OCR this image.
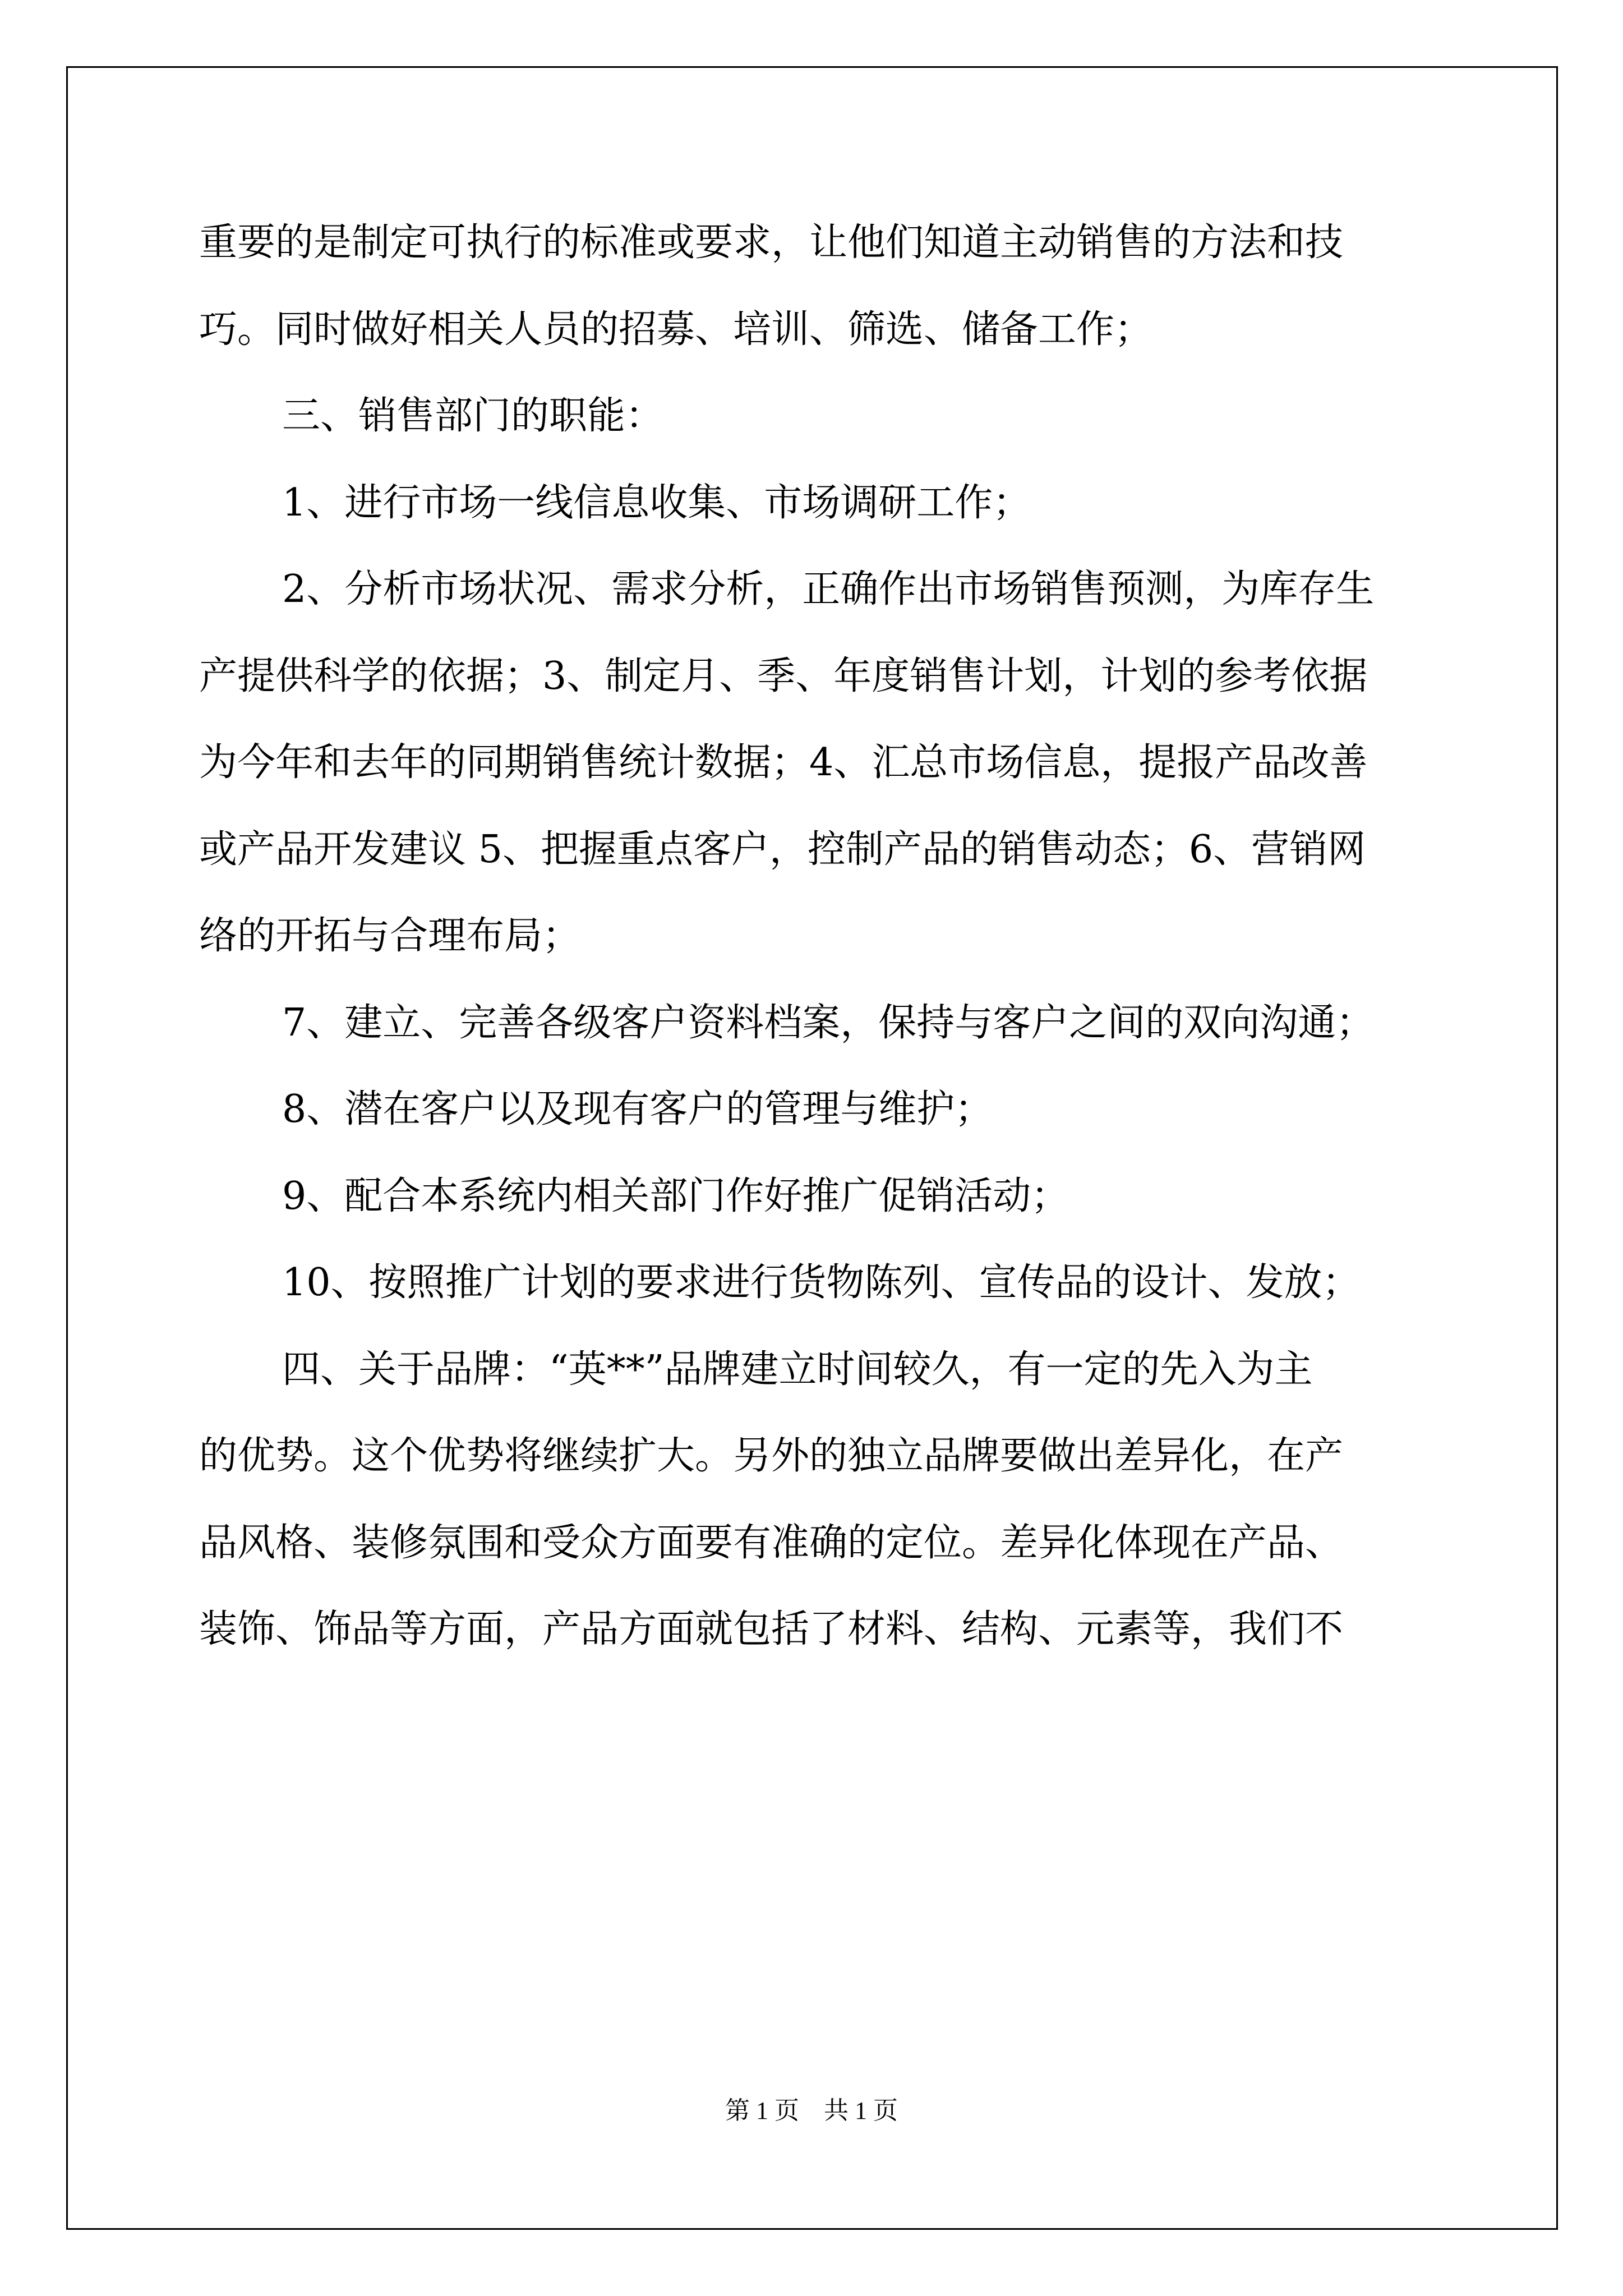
重要的是制定可执行的标准或要求，让他们知道主动销售的方法和技
巧。同时做好相关人员的招募、培训、筛选、储备工作；
三、销售部门的职能：
1、进行市场一线信息收集、市场调研工作；
2、分析市场状况、需求分析，正确作出市场销售预测，为库存生
产提供科学的依据；3、制定月、季、年度销售计划，计划的参考依据
为今年和去年的同期销售统计数据；4、汇总市场信息，提报产品改善
或产品开发建议 5、把握重点客户，控制产品的销售动态；6、营销网
络的开拓与合理布局；
7、建立、完善各级客户资料档案，保持与客户之间的双向沟通；
8、潜在客户以及现有客户的管理与维护；
9、配合本系统内相关部门作好推广促销活动；
10、按照推广计划的要求进行货物陈列、宣传品的设计、发放；
四、关于品牌：“英**”品牌建立时间较久，有一定的先入为主
的优势。这个优势将继续扩大。另外的独立品牌要做出差异化，在产
品风格、装修氛围和受众方面要有准确的定位。差异化体现在产品、
装饰、饰品等方面，产品方面就包括了材料、结构、元素等，我们不
第 1 页　共 1 页
